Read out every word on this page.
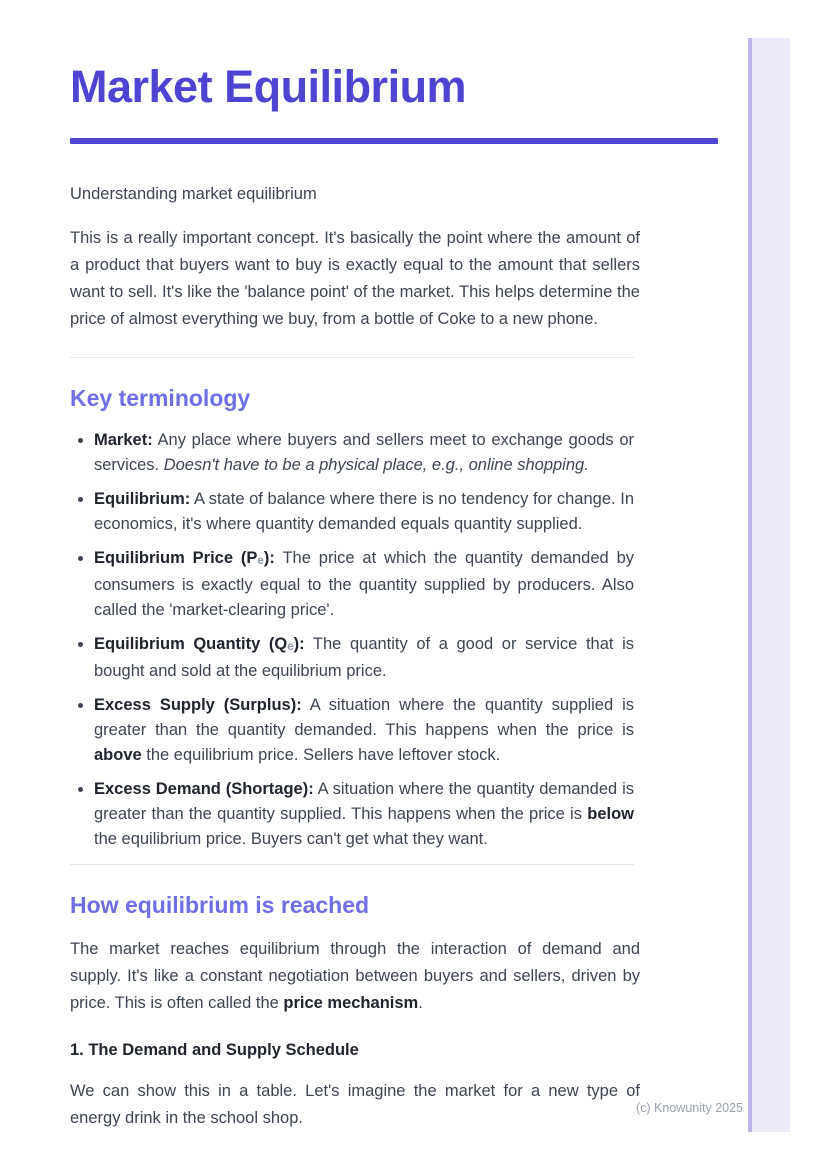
(c) Knowunity 2025
Market Equilibrium

Understanding market equilibrium

This is a really important concept. It's basically the point where the amount of a product that buyers want to buy is exactly equal to the amount that sellers want to sell. It's like the 'balance point' of the market. This helps determine the price of almost everything we buy, from a bottle of Coke to a new phone.

Key terminology
• Market: Any place where buyers and sellers meet to exchange goods or services. Doesn't have to be a physical place, e.g., online shopping.
• Equilibrium: A state of balance where there is no tendency for change. In economics, it's where quantity demanded equals quantity supplied.
• Equilibrium Price $(P_e)$: The price at which the quantity demanded by consumers is exactly equal to the quantity supplied by producers. Also called the 'market-clearing price'.
• Equilibrium Quantity $(Q_e)$: The quantity of a good or service that is bought and sold at the equilibrium price.
• Excess Supply (Surplus): A situation where the quantity supplied is greater than the quantity demanded. This happens when the price is above the equilibrium price. Sellers have leftover stock.
• Excess Demand (Shortage): A situation where the quantity demanded is greater than the quantity supplied. This happens when the price is below the equilibrium price. Buyers can't get what they want.
How equilibrium is reached

The market reaches equilibrium through the interaction of demand and supply. It's like a constant negotiation between buyers and sellers, driven by price. This is often called the price mechanism.

1. The Demand and Supply Schedule

We can show this in a table. Let's imagine the market for a new type of energy drink in the school shop.
